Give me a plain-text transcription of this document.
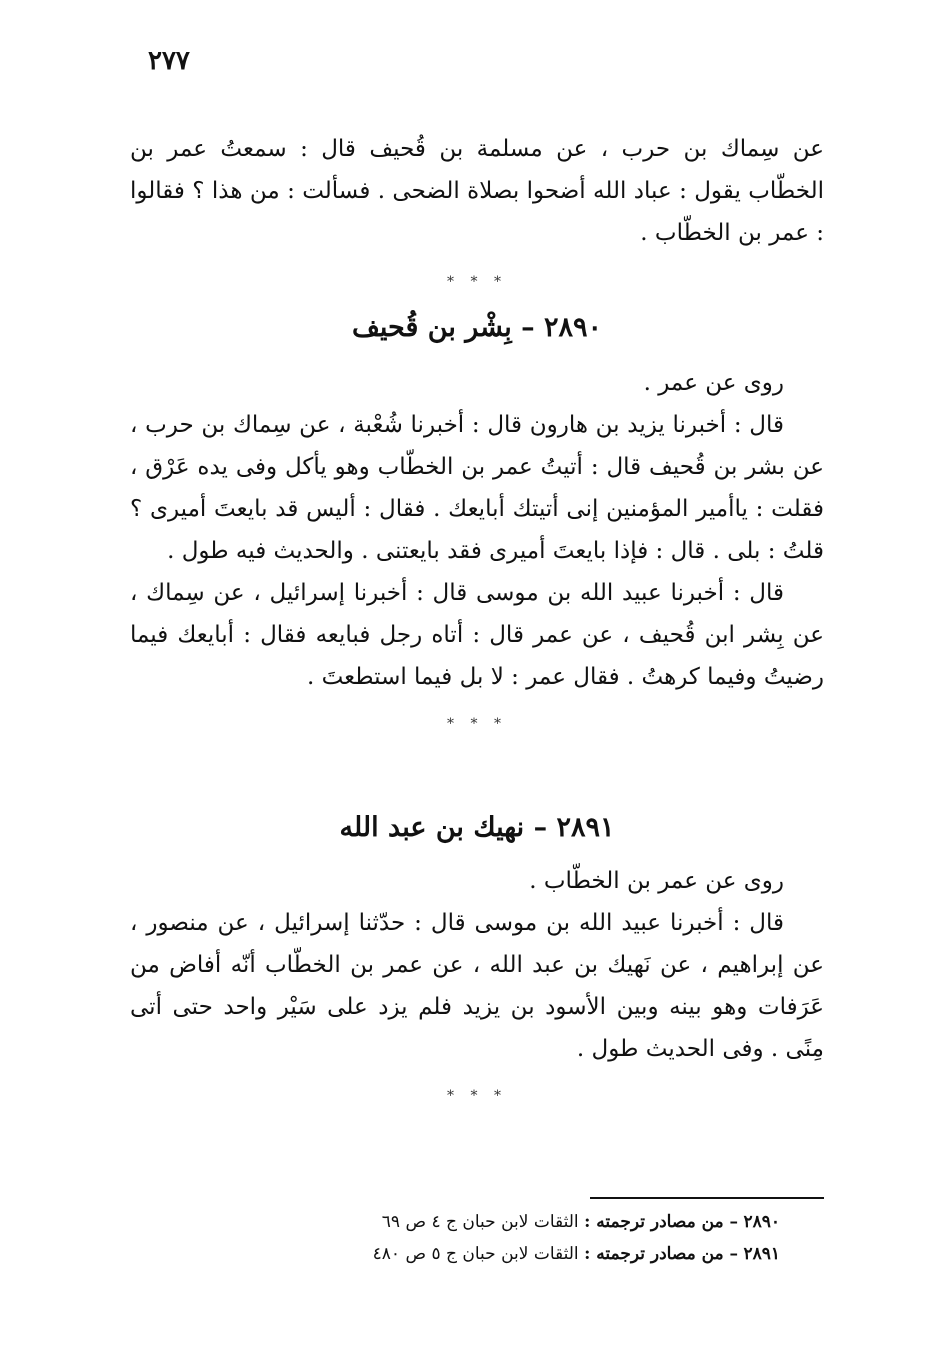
٢٧٧

عن سِماك بن حرب ، عن مسلمة بن قُحيف قال : سمعتُ عمر بن الخطّاب يقول : عباد الله أضحوا بصلاة الضحى . فسألت : من هذا ؟ فقالوا : عمر بن الخطّاب .

* * *
٢٨٩٠ – بِشْر بن قُحيف

روى عن عمر .

قال : أخبرنا يزيد بن هارون قال : أخبرنا شُعْبة ، عن سِماك بن حرب ، عن بشر بن قُحيف قال : أتيتُ عمر بن الخطّاب وهو يأكل وفى يده عَرْق ، فقلت : ياأمير المؤمنين إنى أتيتك أبايعك . فقال : أليس قد بايعتَ أميرى ؟ قلتُ : بلى . قال : فإذا بايعتَ أميرى فقد بايعتنى . والحديث فيه طول .

قال : أخبرنا عبيد الله بن موسى قال : أخبرنا إسرائيل ، عن سِماك ، عن بِشر ابن قُحيف ، عن عمر قال : أتاه رجل فبايعه فقال : أبايعك فيما رضيتُ وفيما كرهتُ . فقال عمر : لا بل فيما استطعتَ .

* * *
٢٨٩١ – نهيك بن عبد الله

روى عن عمر بن الخطّاب .

قال : أخبرنا عبيد الله بن موسى قال : حدّثنا إسرائيل ، عن منصور ، عن إبراهيم ، عن نَهيك بن عبد الله ، عن عمر بن الخطّاب أنّه أفاض من عَرَفات وهو بينه وبين الأسود بن يزيد فلم يزد على سَيْر واحد حتى أتى مِنًى . وفى الحديث طول .

* * *

٢٨٩٠ – من مصادر ترجمته : الثقات لابن حبان ج ٤ ص ٦٩

٢٨٩١ – من مصادر ترجمته : الثقات لابن حبان ج ٥ ص ٤٨٠
